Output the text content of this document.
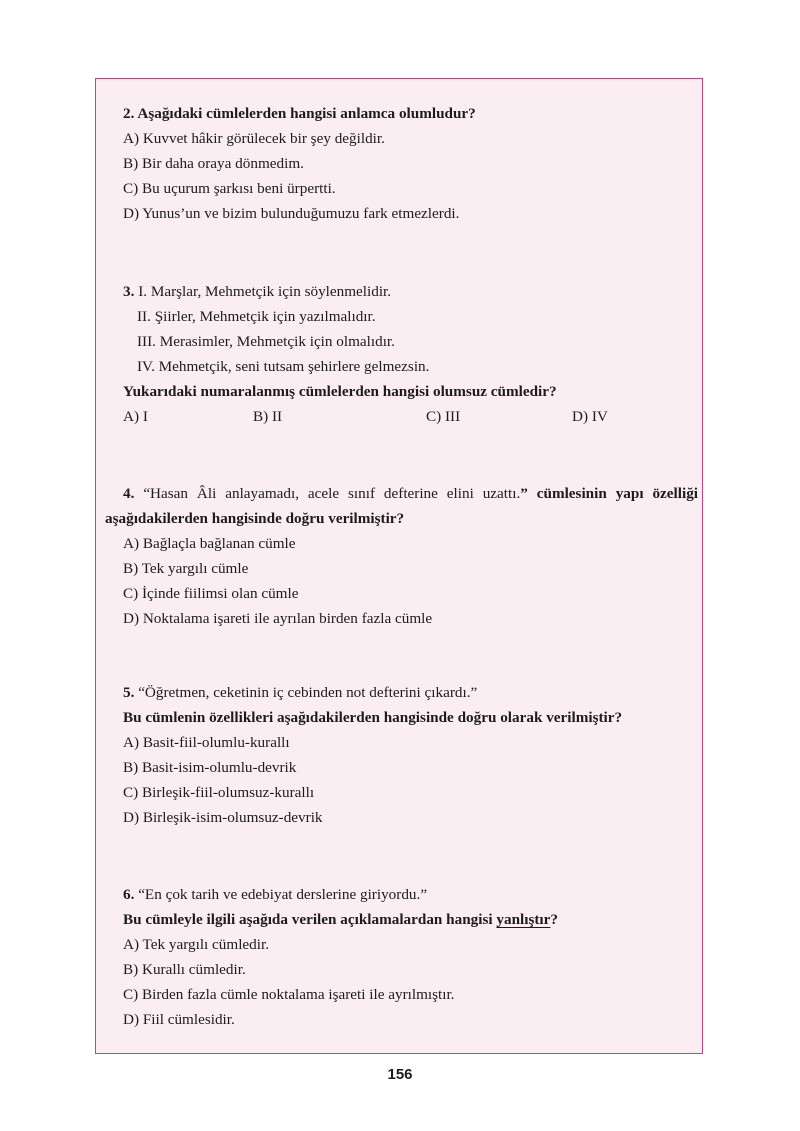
2. Aşağıdaki cümlelerden hangisi anlamca olumludur?
A) Kuvvet hâkir görülecek bir şey değildir.
B) Bir daha oraya dönmedim.
C) Bu uçurum şarkısı beni ürpertti.
D) Yunus’un ve bizim bulunduğumuzu fark etmezlerdi.
3. I. Marşlar, Mehmetçik için söylenmelidir.
II. Şiirler, Mehmetçik için yazılmalıdır.
III. Merasimler, Mehmetçik için olmalıdır.
IV. Mehmetçik, seni tutsam şehirlere gelmezsin.
Yukarıdaki numaralanmış cümlelerden hangisi olumsuz cümledir?
A) I	B) II	C) III	D) IV
4. “Hasan Âli anlayamadı, acele sınıf defterine elini uzattı.” cümlesinin yapı özelliği
aşağıdakilerden hangisinde doğru verilmiştir?
A) Bağlaçla bağlanan cümle
B) Tek yargılı cümle
C) İçinde fiilimsi olan cümle
D) Noktalama işareti ile ayrılan birden fazla cümle
5. “Öğretmen, ceketinin iç cebinden not defterini çıkardı.”
Bu cümlenin özellikleri aşağıdakilerden hangisinde doğru olarak verilmiştir?
A) Basit-fiil-olumlu-kurallı
B) Basit-isim-olumlu-devrik
C) Birleşik-fiil-olumsuz-kurallı
D) Birleşik-isim-olumsuz-devrik
6. “En çok tarih ve edebiyat derslerine giriyordu.”
Bu cümleyle ilgili aşağıda verilen açıklamalardan hangisi yanlıştır?
A) Tek yargılı cümledir.
B) Kurallı cümledir.
C) Birden fazla cümle noktalama işareti ile ayrılmıştır.
D) Fiil cümlesidir.
156
